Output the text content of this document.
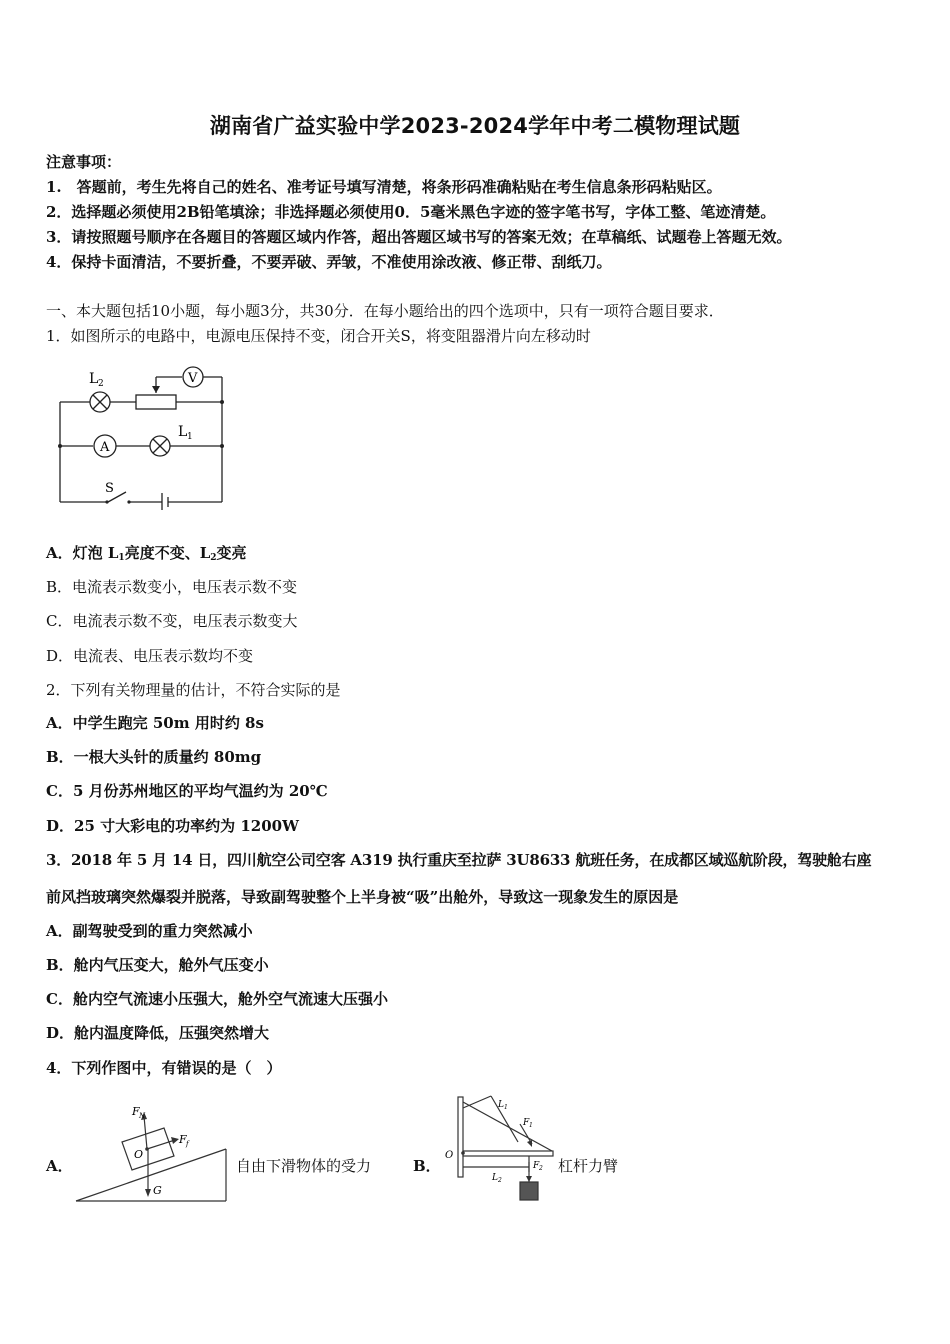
湖南省广益实验中学2023-2024学年中考二模物理试题
注意事项：
1.　答题前，考生先将自己的姓名、准考证号填写清楚，将条形码准确粘贴在考生信息条形码粘贴区。
2．选择题必须使用2B铅笔填涂；非选择题必须使用0．5毫米黑色字迹的签字笔书写，字体工整、笔迹清楚。
3．请按照题号顺序在各题目的答题区域内作答，超出答题区域书写的答案无效；在草稿纸、试题卷上答题无效。
4．保持卡面清洁，不要折叠，不要弄破、弄皱，不准使用涂改液、修正带、刮纸刀。
一、本大题包括10小题，每小题3分，共30分．在每小题给出的四个选项中，只有一项符合题目要求．
1．如图所示的电路中，电源电压保持不变，闭合开关S，将变阻器滑片向左移动时
L 2	V
A
L 1
S
A．灯泡 $L_1$亮度不变、$L_2$变亮
B．电流表示数变小，电压表示数不变
C．电流表示数不变，电压表示数变大
D．电流表、电压表示数均不变
2．下列有关物理量的估计，不符合实际的是
A．中学生跑完 50m 用时约 8s
B．一根大头针的质量约 80mg
C．5 月份苏州地区的平均气温约为 20℃
D．25 寸大彩电的功率约为 1200W
3．2018 年 5 月 14 日，四川航空公司空客 A319 执行重庆至拉萨 3U8633 航班任务，在成都区域巡航阶段，驾驶舱右座
前风挡玻璃突然爆裂并脱落，导致副驾驶整个上半身被“吸”出舱外，导致这一现象发生的原因是
A．副驾驶受到的重力突然减小
B．舱内气压变大，舱外气压变小
C．舱内空气流速小压强大，舱外空气流速大压强小
D．舱内温度降低，压强突然增大
4．下列作图中，有错误的是（　）
A．
F N
F f
O
G
自由下滑物体的受力	B．
L 1
F 1
O
F 2
L 2
杠杆力臂
